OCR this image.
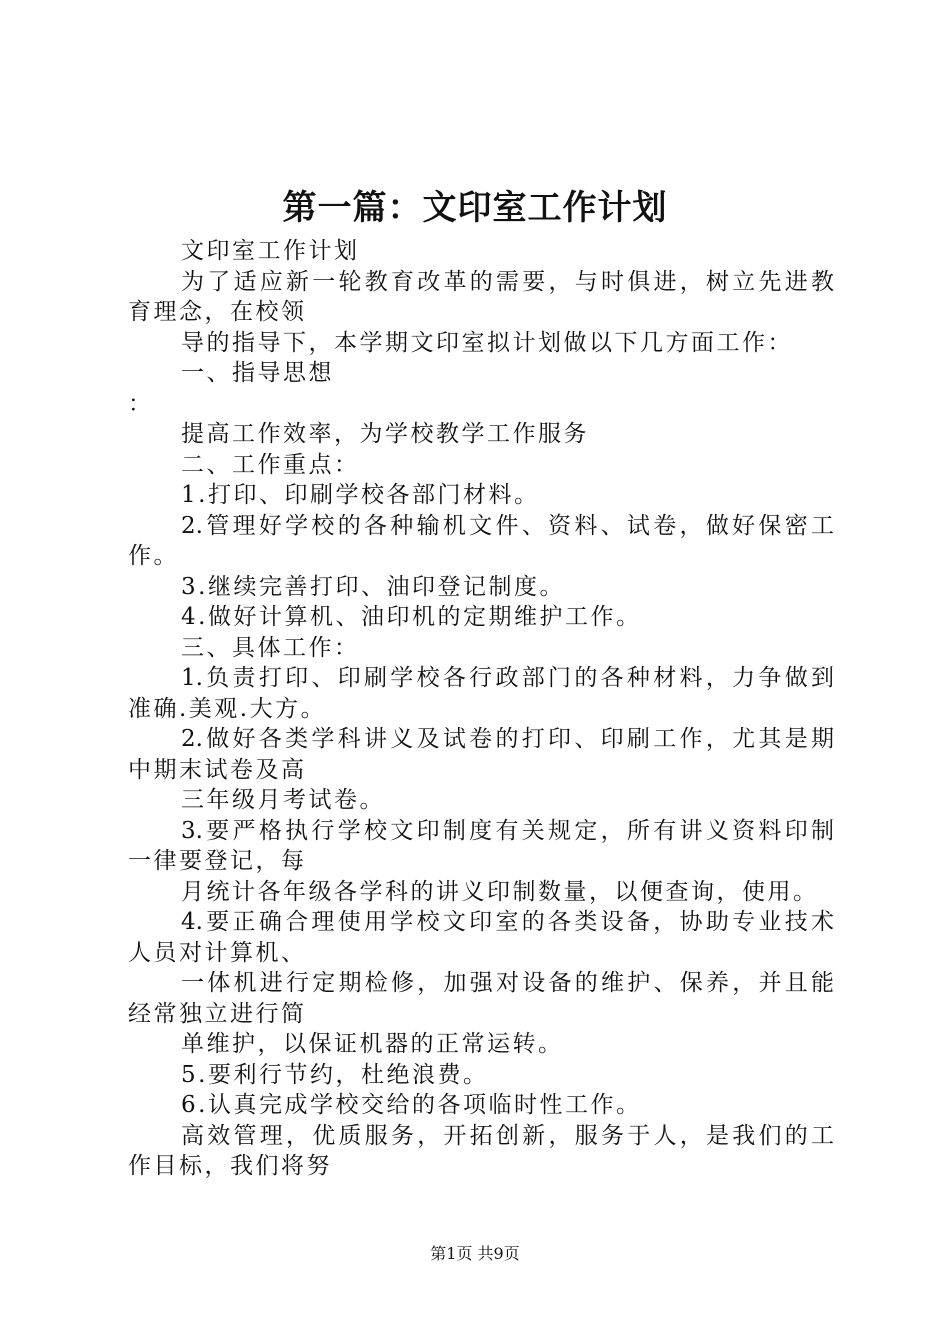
第一篇：文印室工作计划
文印室工作计划
为了适应新一轮教育改革的需要，与时俱进，树立先进教
育理念，在校领
导的指导下，本学期文印室拟计划做以下几方面工作：
一、指导思想
：
提高工作效率，为学校教学工作服务
二、工作重点：
1.打印、印刷学校各部门材料。
2.管理好学校的各种输机文件、资料、试卷，做好保密工
作。
3.继续完善打印、油印登记制度。
4.做好计算机、油印机的定期维护工作。
三、具体工作：
1.负责打印、印刷学校各行政部门的各种材料，力争做到
准确.美观.大方。
2.做好各类学科讲义及试卷的打印、印刷工作，尤其是期
中期末试卷及高
三年级月考试卷。
3.要严格执行学校文印制度有关规定，所有讲义资料印制
一律要登记，每
月统计各年级各学科的讲义印制数量，以便查询，使用。
4.要正确合理使用学校文印室的各类设备，协助专业技术
人员对计算机、
一体机进行定期检修，加强对设备的维护、保养，并且能
经常独立进行简
单维护，以保证机器的正常运转。
5.要利行节约，杜绝浪费。
6.认真完成学校交给的各项临时性工作。
高效管理，优质服务，开拓创新，服务于人，是我们的工
作目标，我们将努
第1页 共9页
